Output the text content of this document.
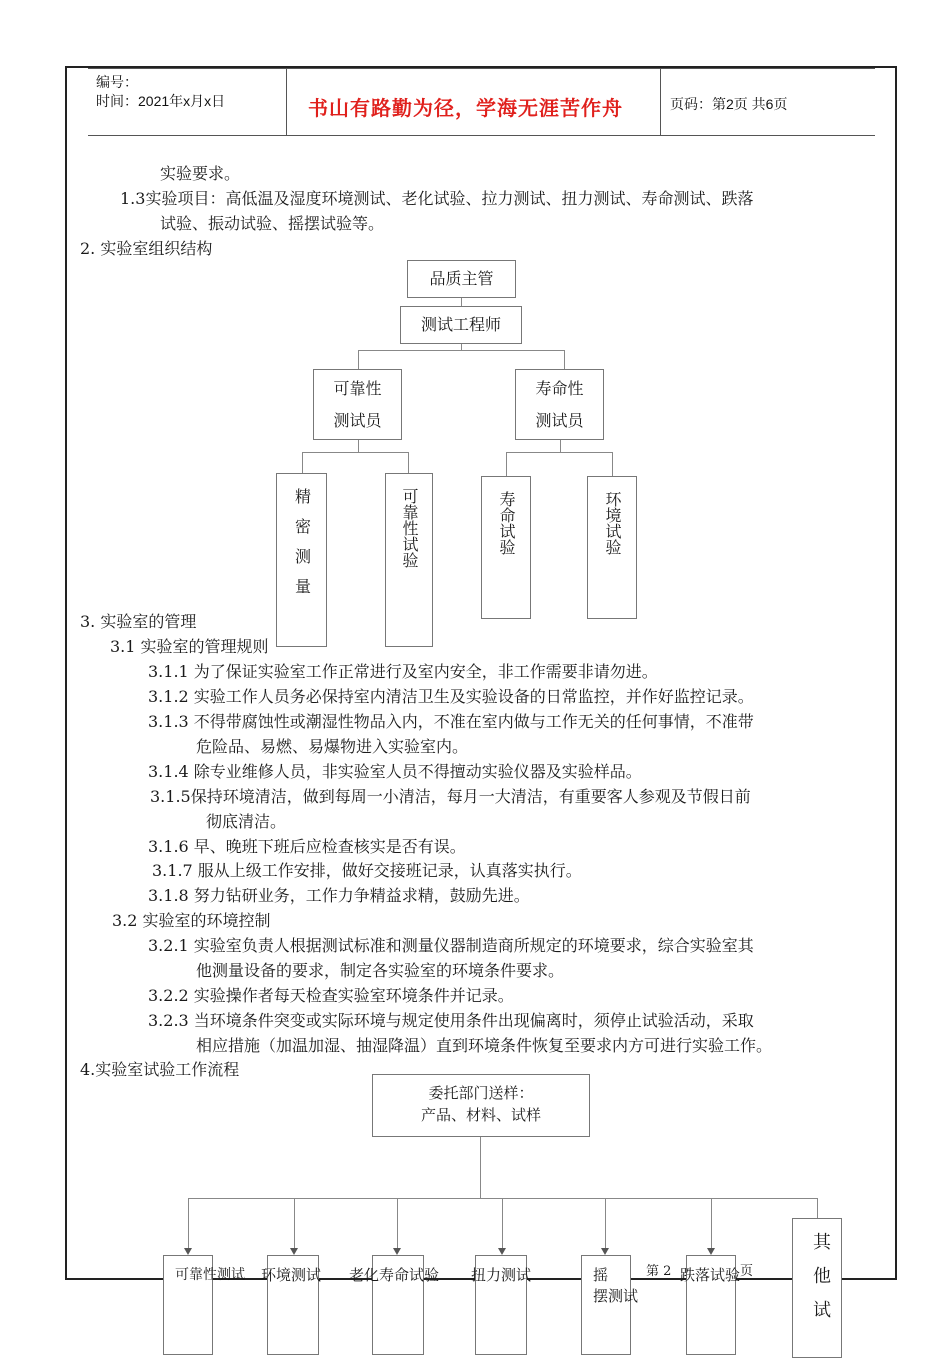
编号：
时间：2021年x月x日	书山有路勤为径，学海无涯苦作舟	页码：第2页 共6页
实验要求。
1.3实验项目：高低温及湿度环境测试、老化试验、拉力测试、扭力测试、寿命测试、跌落
试验、振动试验、摇摆试验等。
2. 实验室组织结构
品质主管
测试工程师
可靠性
测试员
寿命性
测试员
精密测量	可靠性试验	寿命试验	环境试验
3. 实验室的管理
3.1 实验室的管理规则
3.1.1 为了保证实验室工作正常进行及室内安全，非工作需要非请勿进。
3.1.2 实验工作人员务必保持室内清洁卫生及实验设备的日常监控，并作好监控记录。
3.1.3 不得带腐蚀性或潮湿性物品入内，不准在室内做与工作无关的任何事情，不准带
危险品、易燃、易爆物进入实验室内。
3.1.4 除专业维修人员，非实验室人员不得擅动实验仪器及实验样品。
3.1.5保持环境清洁，做到每周一小清洁，每月一大清洁，有重要客人参观及节假日前
彻底清洁。
3.1.6 早、晚班下班后应检查核实是否有误。
3.1.7 服从上级工作安排，做好交接班记录，认真落实执行。
3.1.8 努力钻研业务，工作力争精益求精，鼓励先进。
3.2 实验室的环境控制
3.2.1 实验室负责人根据测试标准和测量仪器制造商所规定的环境要求，综合实验室其
他测量设备的要求，制定各实验室的环境条件要求。
3.2.2 实验操作者每天检查实验室环境条件并记录。
3.2.3 当环境条件突变或实际环境与规定使用条件出现偏离时，须停止试验活动，采取
相应措施（加温加湿、抽湿降温）直到环境条件恢复至要求内方可进行实验工作。
4.实验室试验工作流程
委托部门送样：
产品、材料、试样
可靠性测试 环境测试 老化寿命试验 扭力测试	摇
摆测试
跌落试验	其他试
第 2	页
